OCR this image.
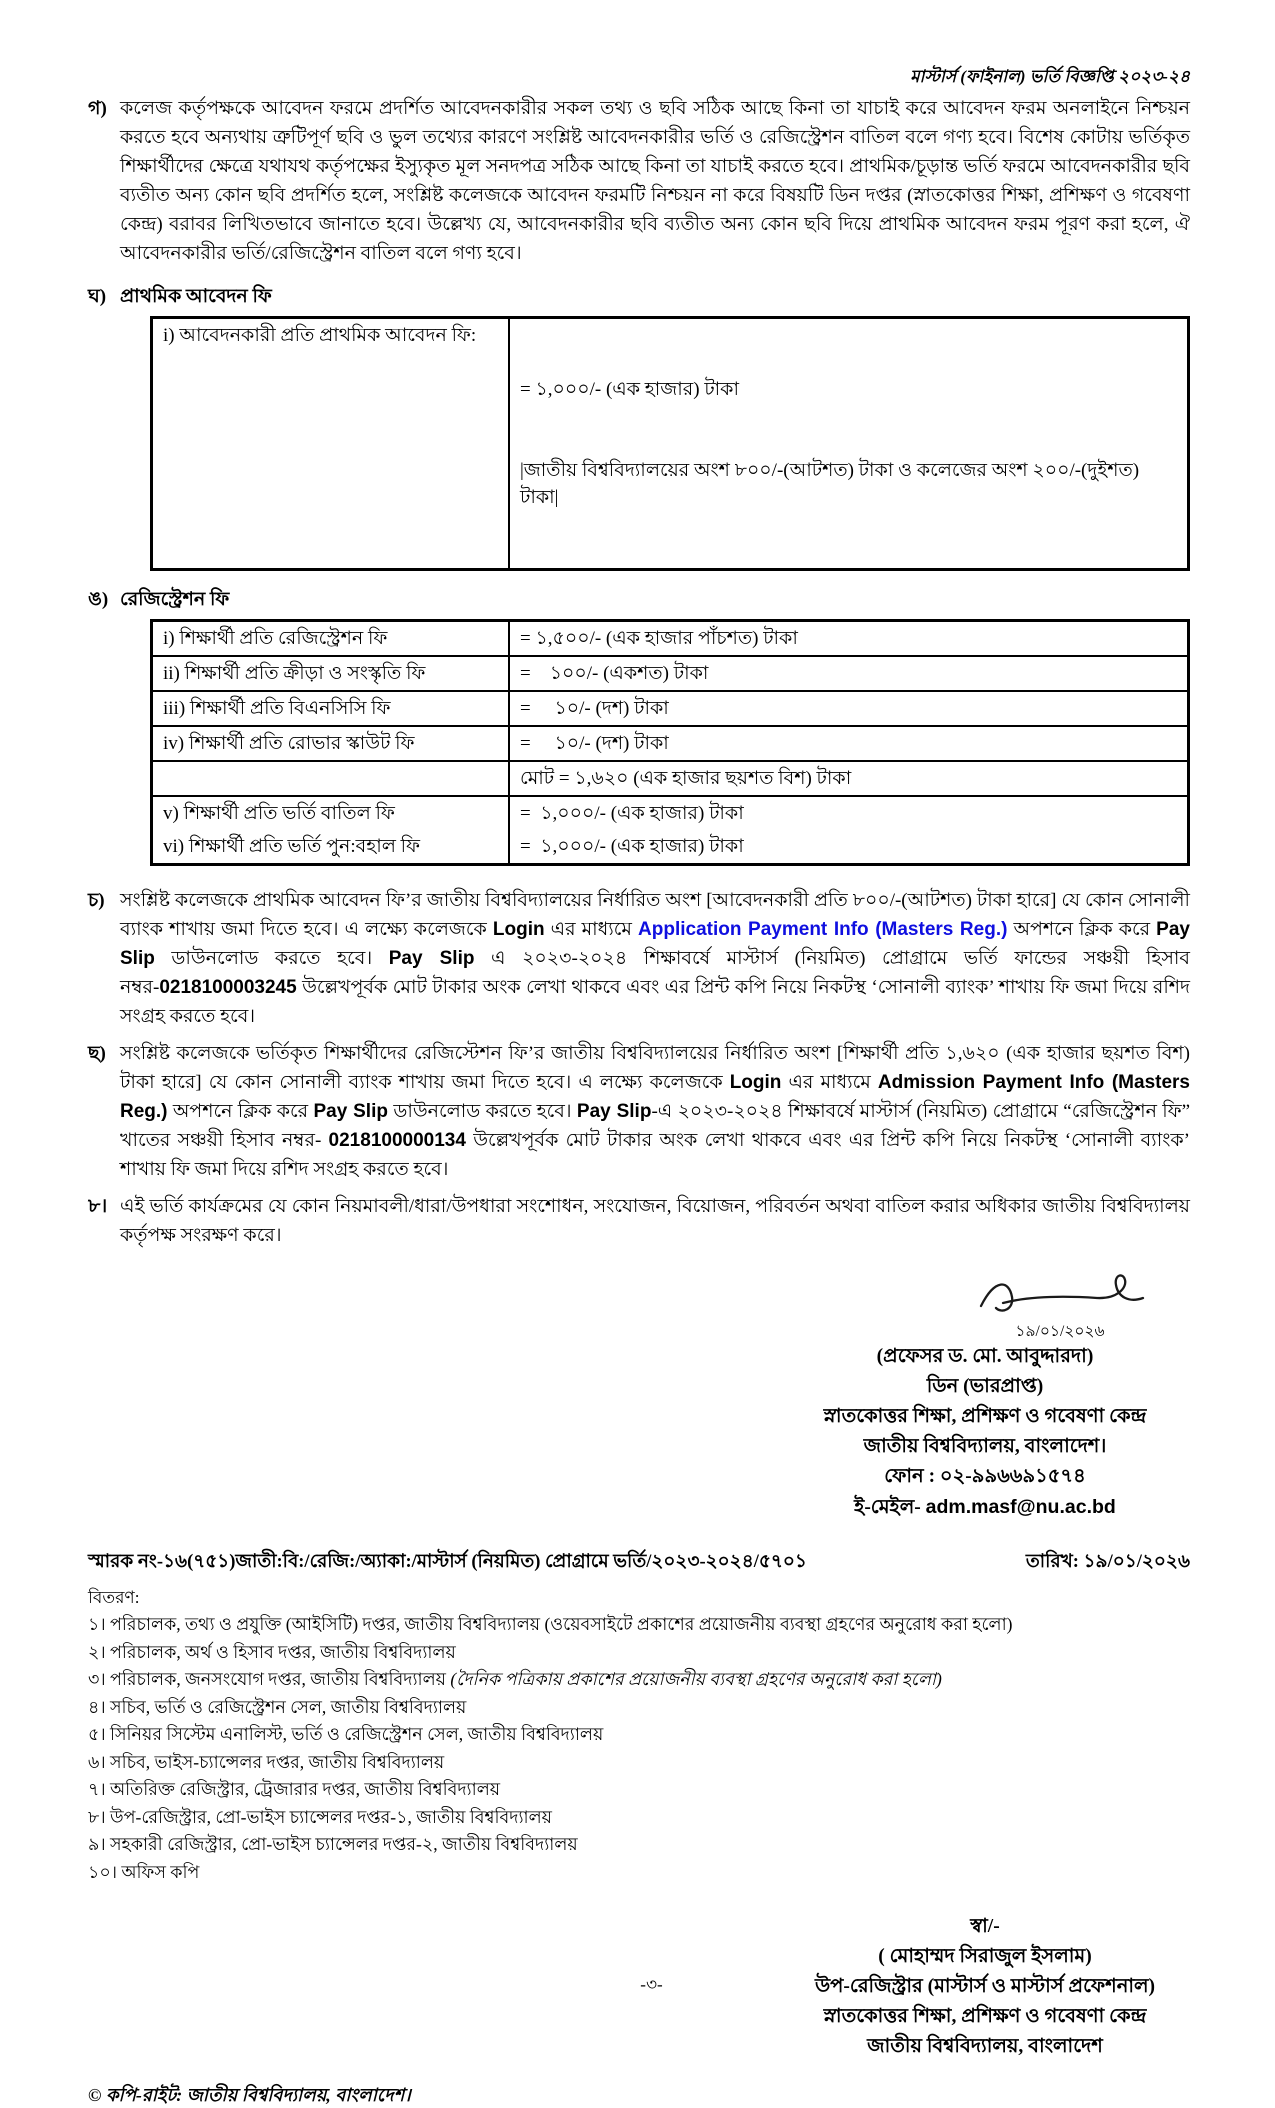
মাস্টার্স (ফাইনাল) ভর্তি বিজ্ঞপ্তি ২০২৩-২৪
গ) কলেজ কর্তৃপক্ষকে আবেদন ফরমে প্রদর্শিত আবেদনকারীর সকল তথ্য ও ছবি সঠিক আছে কিনা তা যাচাই করে আবেদন ফরম অনলাইনে নিশ্চয়ন করতে হবে অন্যথায় ত্রুটিপূর্ণ ছবি ও ভুল তথ্যের কারণে সংশ্লিষ্ট আবেদনকারীর ভর্তি ও রেজিস্ট্রেশন বাতিল বলে গণ্য হবে। বিশেষ কোটায় ভর্তিকৃত শিক্ষার্থীদের ক্ষেত্রে যথাযথ কর্তৃপক্ষের ইস্যুকৃত মূল সনদপত্র সঠিক আছে কিনা তা যাচাই করতে হবে। প্রাথমিক/চূড়ান্ত ভর্তি ফরমে আবেদনকারীর ছবি ব্যতীত অন্য কোন ছবি প্রদর্শিত হলে, সংশ্লিষ্ট কলেজকে আবেদন ফরমটি নিশ্চয়ন না করে বিষয়টি ডিন দপ্তর (স্নাতকোত্তর শিক্ষা, প্রশিক্ষণ ও গবেষণা কেন্দ্র) বরাবর লিখিতভাবে জানাতে হবে। উল্লেখ্য যে, আবেদনকারীর ছবি ব্যতীত অন্য কোন ছবি দিয়ে প্রাথমিক আবেদন ফরম পূরণ করা হলে, ঐ আবেদনকারীর ভর্তি/রেজিস্ট্রেশন বাতিল বলে গণ্য হবে।
ঘ) প্রাথমিক আবেদন ফি
i) আবেদনকারী প্রতি প্রাথমিক আবেদন ফি:	

= ১,০০০/- (এক হাজার) টাকা

|জাতীয় বিশ্ববিদ্যালয়ের অংশ ৮০০/-(আটশত) টাকা ও কলেজের অংশ ২০০/-(দুইশত) টাকা|

ঙ) রেজিস্ট্রেশন ফি
i) শিক্ষার্থী প্রতি রেজিস্ট্রেশন ফি	= ১,৫০০/- (এক হাজার পাঁচশত) টাকা
ii) শিক্ষার্থী প্রতি ক্রীড়া ও সংস্কৃতি ফি	=    ১০০/- (একশত) টাকা
iii) শিক্ষার্থী প্রতি বিএনসিসি ফি	=     ১০/- (দশ) টাকা
iv) শিক্ষার্থী প্রতি রোভার স্কাউট ফি	=     ১০/- (দশ) টাকা
	মোট = ১,৬২০ (এক হাজার ছয়শত বিশ) টাকা
v) শিক্ষার্থী প্রতি ভর্তি বাতিল ফি	=  ১,০০০/- (এক হাজার) টাকা
vi) শিক্ষার্থী প্রতি ভর্তি পুন:বহাল ফি	=  ১,০০০/- (এক হাজার) টাকা
চ) সংশ্লিষ্ট কলেজকে প্রাথমিক আবেদন ফি’র জাতীয় বিশ্ববিদ্যালয়ের নির্ধারিত অংশ [আবেদনকারী প্রতি ৮০০/-(আটশত) টাকা হারে] যে কোন সোনালী ব্যাংক শাখায় জমা দিতে হবে। এ লক্ষ্যে কলেজকে Login এর মাধ্যমে Application Payment Info (Masters Reg.) অপশনে ক্লিক করে Pay Slip ডাউনলোড করতে হবে। Pay Slip এ ২০২৩-২০২৪ শিক্ষাবর্ষে মাস্টার্স (নিয়মিত) প্রোগ্রামে ভর্তি ফান্ডের সঞ্চয়ী হিসাব নম্বর-0218100003245 উল্লেখপূর্বক মোট টাকার অংক লেখা থাকবে এবং এর প্রিন্ট কপি নিয়ে নিকটস্থ ‘সোনালী ব্যাংক’ শাখায় ফি জমা দিয়ে রশিদ সংগ্রহ করতে হবে।
ছ) সংশ্লিষ্ট কলেজকে ভর্তিকৃত শিক্ষার্থীদের রেজিস্টেশন ফি’র জাতীয় বিশ্ববিদ্যালয়ের নির্ধারিত অংশ [শিক্ষার্থী প্রতি ১,৬২০ (এক হাজার ছয়শত বিশ) টাকা হারে] যে কোন সোনালী ব্যাংক শাখায় জমা দিতে হবে। এ লক্ষ্যে কলেজকে Login এর মাধ্যমে Admission Payment Info (Masters Reg.) অপশনে ক্লিক করে Pay Slip ডাউনলোড করতে হবে। Pay Slip-এ ২০২৩-২০২৪ শিক্ষাবর্ষে মাস্টার্স (নিয়মিত) প্রোগ্রামে “রেজিস্ট্রেশন ফি” খাতের সঞ্চয়ী হিসাব নম্বর- 0218100000134 উল্লেখপূর্বক মোট টাকার অংক লেখা থাকবে এবং এর প্রিন্ট কপি নিয়ে নিকটস্থ ‘সোনালী ব্যাংক’ শাখায় ফি জমা দিয়ে রশিদ সংগ্রহ করতে হবে।
৮। এই ভর্তি কার্যক্রমের যে কোন নিয়মাবলী/ধারা/উপধারা সংশোধন, সংযোজন, বিয়োজন, পরিবর্তন অথবা বাতিল করার অধিকার জাতীয় বিশ্ববিদ্যালয় কর্তৃপক্ষ সংরক্ষণ করে।
১৯/০১/২০২৬
(প্রফেসর ড. মো. আবুদ্দারদা)
ডিন (ভারপ্রাপ্ত)
স্নাতকোত্তর শিক্ষা, প্রশিক্ষণ ও গবেষণা কেন্দ্র
জাতীয় বিশ্ববিদ্যালয়, বাংলাদেশ।
ফোন : ০২-৯৯৬৬৯১৫৭৪
ই-মেইল- adm.masf@nu.ac.bd
স্মারক নং-১৬(৭৫১)জাতী:বি:/রেজি:/অ্যাকা:/মাস্টার্স (নিয়মিত) প্রোগ্রামে ভর্তি/২০২৩-২০২৪/৫৭০১	তারিখ: ১৯/০১/২০২৬
বিতরণ:
১। পরিচালক, তথ্য ও প্রযুক্তি (আইসিটি) দপ্তর, জাতীয় বিশ্ববিদ্যালয় (ওয়েবসাইটে প্রকাশের প্রয়োজনীয় ব্যবস্থা গ্রহণের অনুরোধ করা হলো)
২। পরিচালক, অর্থ ও হিসাব দপ্তর, জাতীয় বিশ্ববিদ্যালয়
৩। পরিচালক, জনসংযোগ দপ্তর, জাতীয় বিশ্ববিদ্যালয় (দৈনিক পত্রিকায় প্রকাশের প্রয়োজনীয় ব্যবস্থা গ্রহণের অনুরোধ করা হলো)
৪। সচিব, ভর্তি ও রেজিস্ট্রেশন সেল, জাতীয় বিশ্ববিদ্যালয়
৫। সিনিয়র সিস্টেম এনালিস্ট, ভর্তি ও রেজিস্ট্রেশন সেল, জাতীয় বিশ্ববিদ্যালয়
৬। সচিব, ভাইস-চ্যান্সেলর দপ্তর, জাতীয় বিশ্ববিদ্যালয়
৭। অতিরিক্ত রেজিস্ট্রার, ট্রেজারার দপ্তর, জাতীয় বিশ্ববিদ্যালয়
৮। উপ-রেজিস্ট্রার, প্রো-ভাইস চ্যান্সেলর দপ্তর-১, জাতীয় বিশ্ববিদ্যালয়
৯। সহকারী রেজিস্ট্রার, প্রো-ভাইস চ্যান্সেলর দপ্তর-২, জাতীয় বিশ্ববিদ্যালয়
১০। অফিস কপি
স্বা/-
( মোহাম্মদ সিরাজুল ইসলাম)
উপ-রেজিস্ট্রার (মাস্টার্স ও মাস্টার্স প্রফেশনাল)
স্নাতকোত্তর শিক্ষা, প্রশিক্ষণ ও গবেষণা কেন্দ্র
জাতীয় বিশ্ববিদ্যালয়, বাংলাদেশ
© কপি-রাইট: জাতীয় বিশ্ববিদ্যালয়, বাংলাদেশ।
-৩-
